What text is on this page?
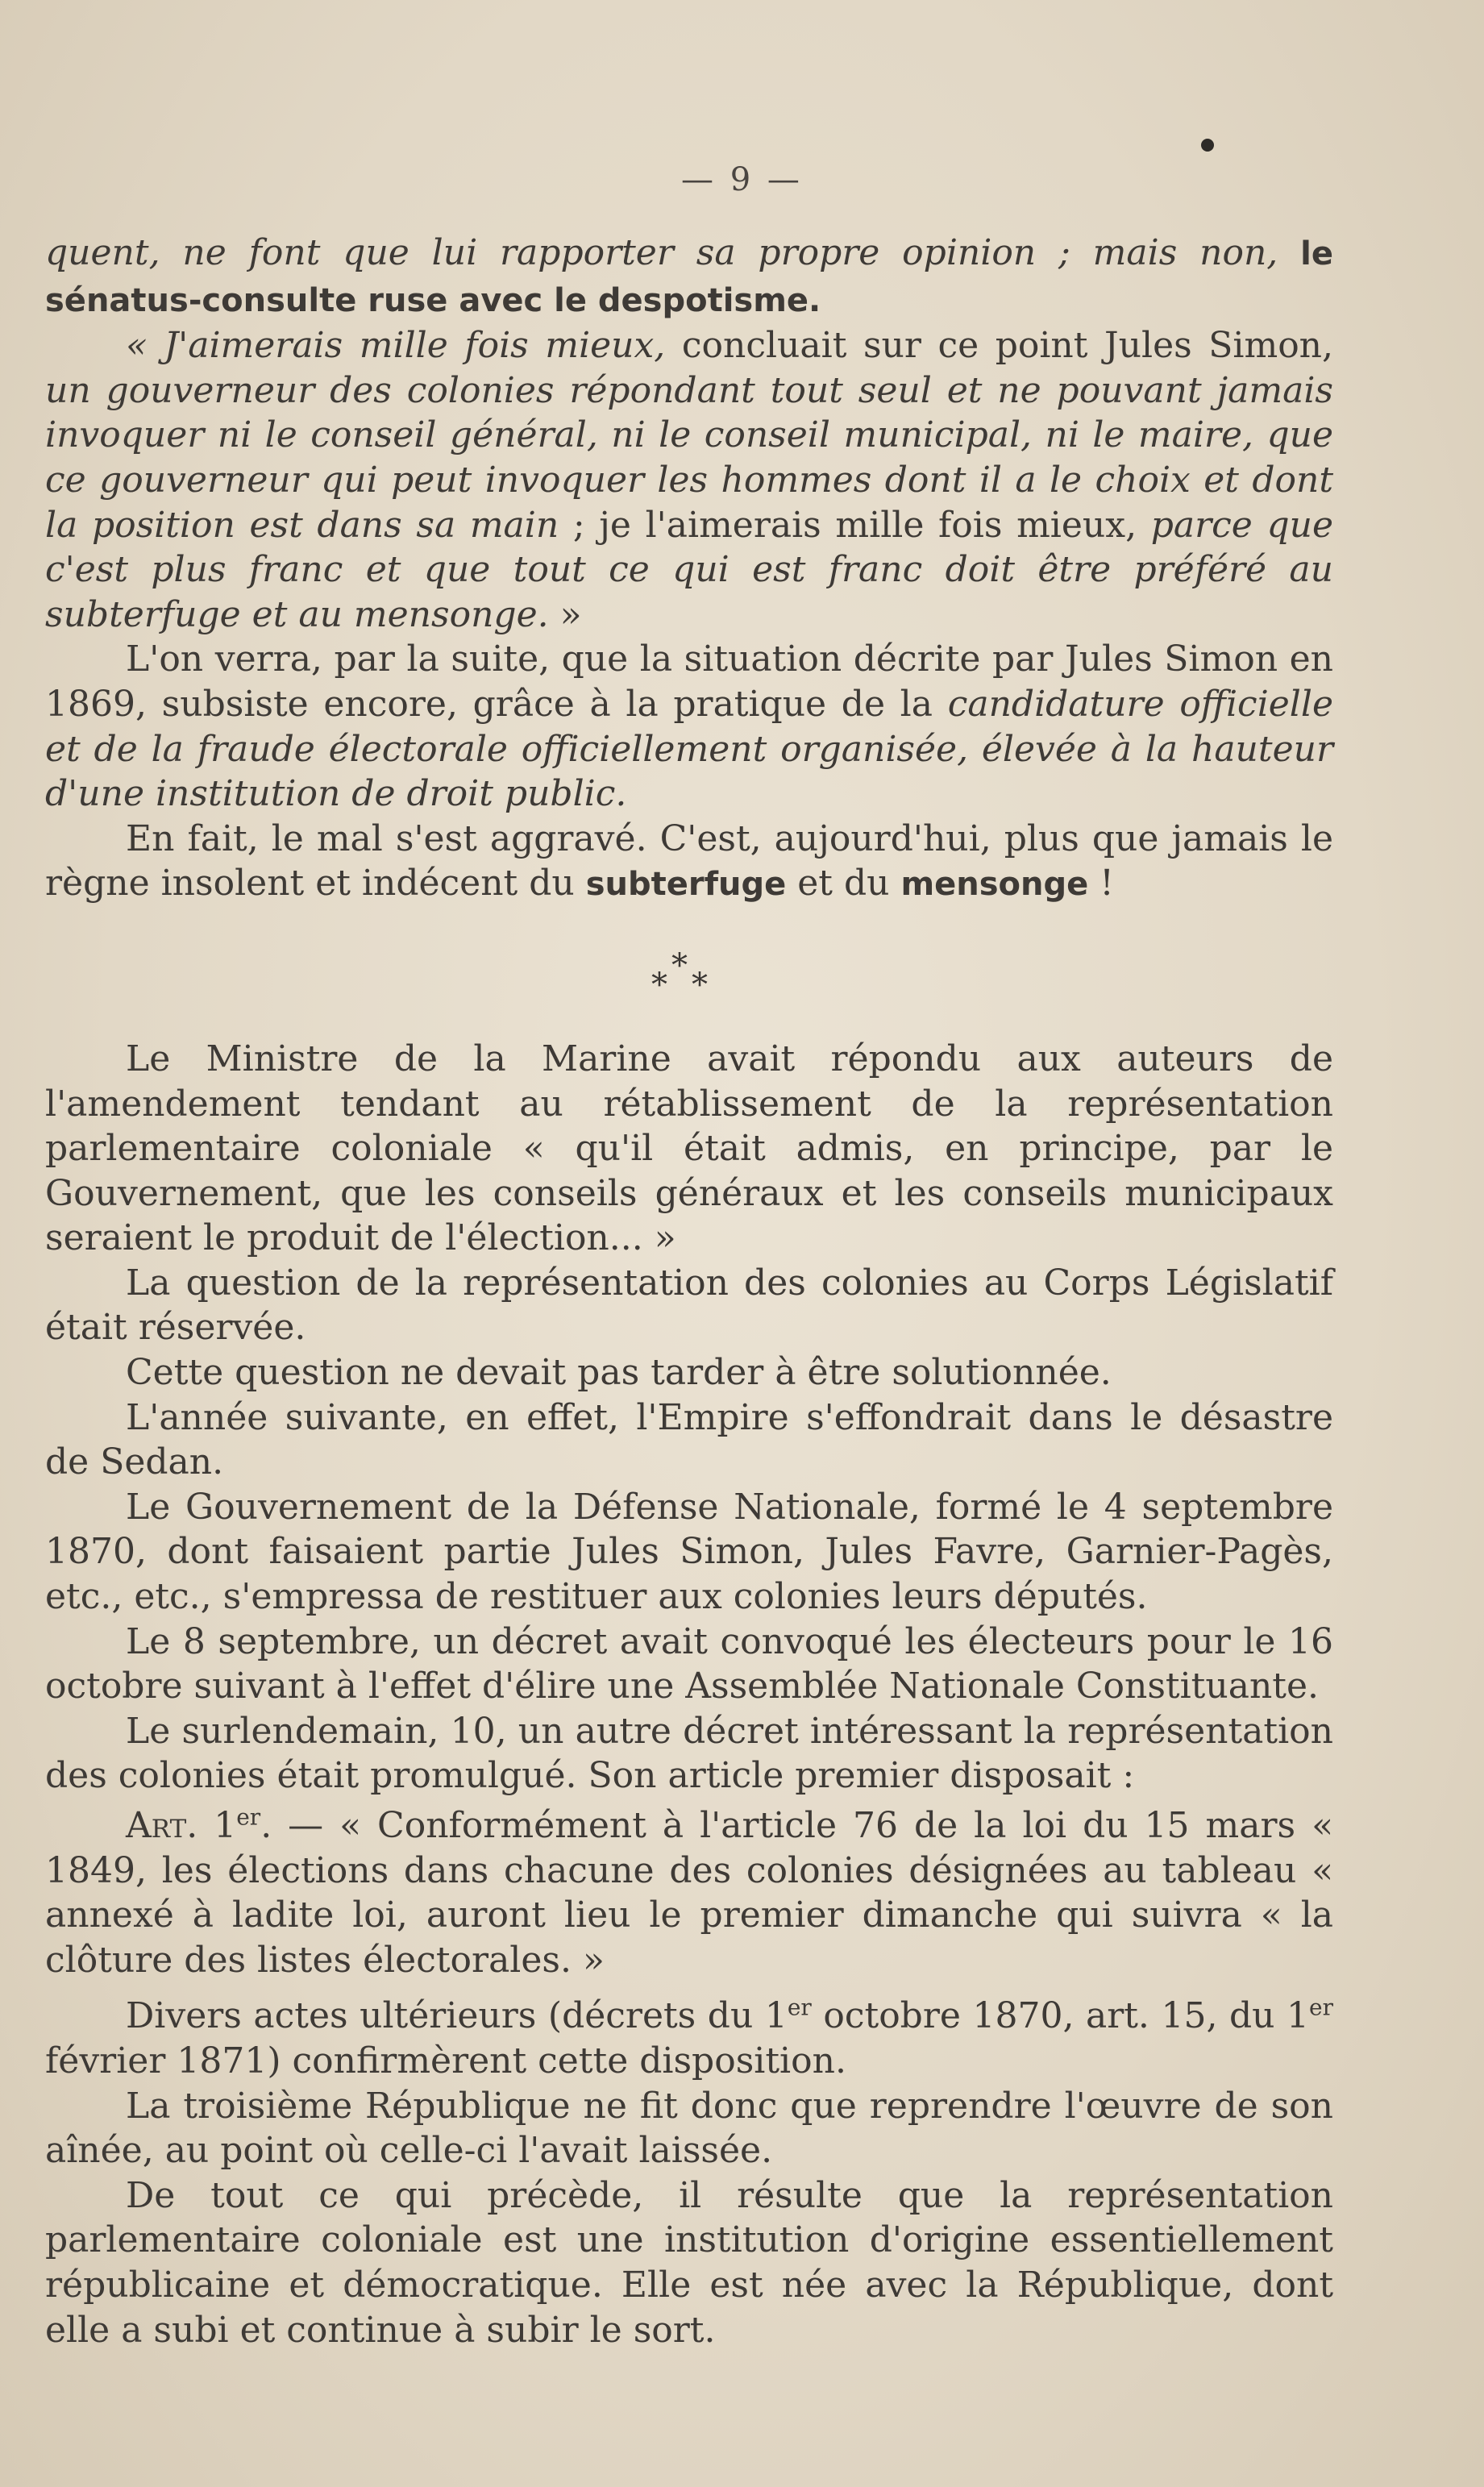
— 9 —

quent, ne font que lui rapporter sa propre opinion ; mais non, le sénatus-consulte ruse avec le despotisme.

« J'aimerais mille fois mieux, concluait sur ce point Jules Simon, un gouverneur des colonies répondant tout seul et ne pouvant jamais invoquer ni le conseil général, ni le conseil municipal, ni le maire, que ce gouverneur qui peut invoquer les hommes dont il a le choix et dont la position est dans sa main ; je l'aimerais mille fois mieux, parce que c'est plus franc et que tout ce qui est franc doit être préféré au subterfuge et au mensonge. »

L'on verra, par la suite, que la situation décrite par Jules Simon en 1869, subsiste encore, grâce à la pratique de la candidature officielle et de la fraude électorale officiellement organisée, élevée à la hauteur d'une institution de droit public.

En fait, le mal s'est aggravé. C'est, aujourd'hui, plus que jamais le règne insolent et indécent du subterfuge et du mensonge !

*
* *

Le Ministre de la Marine avait répondu aux auteurs de l'amendement tendant au rétablissement de la représentation parlementaire coloniale « qu'il était admis, en principe, par le Gouvernement, que les conseils généraux et les conseils municipaux seraient le produit de l'élection... »

La question de la représentation des colonies au Corps Législatif était réservée.

Cette question ne devait pas tarder à être solutionnée.

L'année suivante, en effet, l'Empire s'effondrait dans le désastre de Sedan.

Le Gouvernement de la Défense Nationale, formé le 4 septembre 1870, dont faisaient partie Jules Simon, Jules Favre, Garnier-Pagès, etc., etc., s'empressa de restituer aux colonies leurs députés.

Le 8 septembre, un décret avait convoqué les électeurs pour le 16 octobre suivant à l'effet d'élire une Assemblée Nationale Constituante.

Le surlendemain, 10, un autre décret intéressant la représentation des colonies était promulgué. Son article premier disposait :

Art. 1er. — « Conformément à l'article 76 de la loi du 15 mars « 1849, les élections dans chacune des colonies désignées au tableau « annexé à ladite loi, auront lieu le premier dimanche qui suivra « la clôture des listes électorales. »

Divers actes ultérieurs (décrets du 1er octobre 1870, art. 15, du 1er février 1871) confirmèrent cette disposition.

La troisième République ne fit donc que reprendre l'œuvre de son aînée, au point où celle-ci l'avait laissée.

De tout ce qui précède, il résulte que la représentation parlementaire coloniale est une institution d'origine essentiellement républicaine et démocratique. Elle est née avec la République, dont elle a subi et continue à subir le sort.
